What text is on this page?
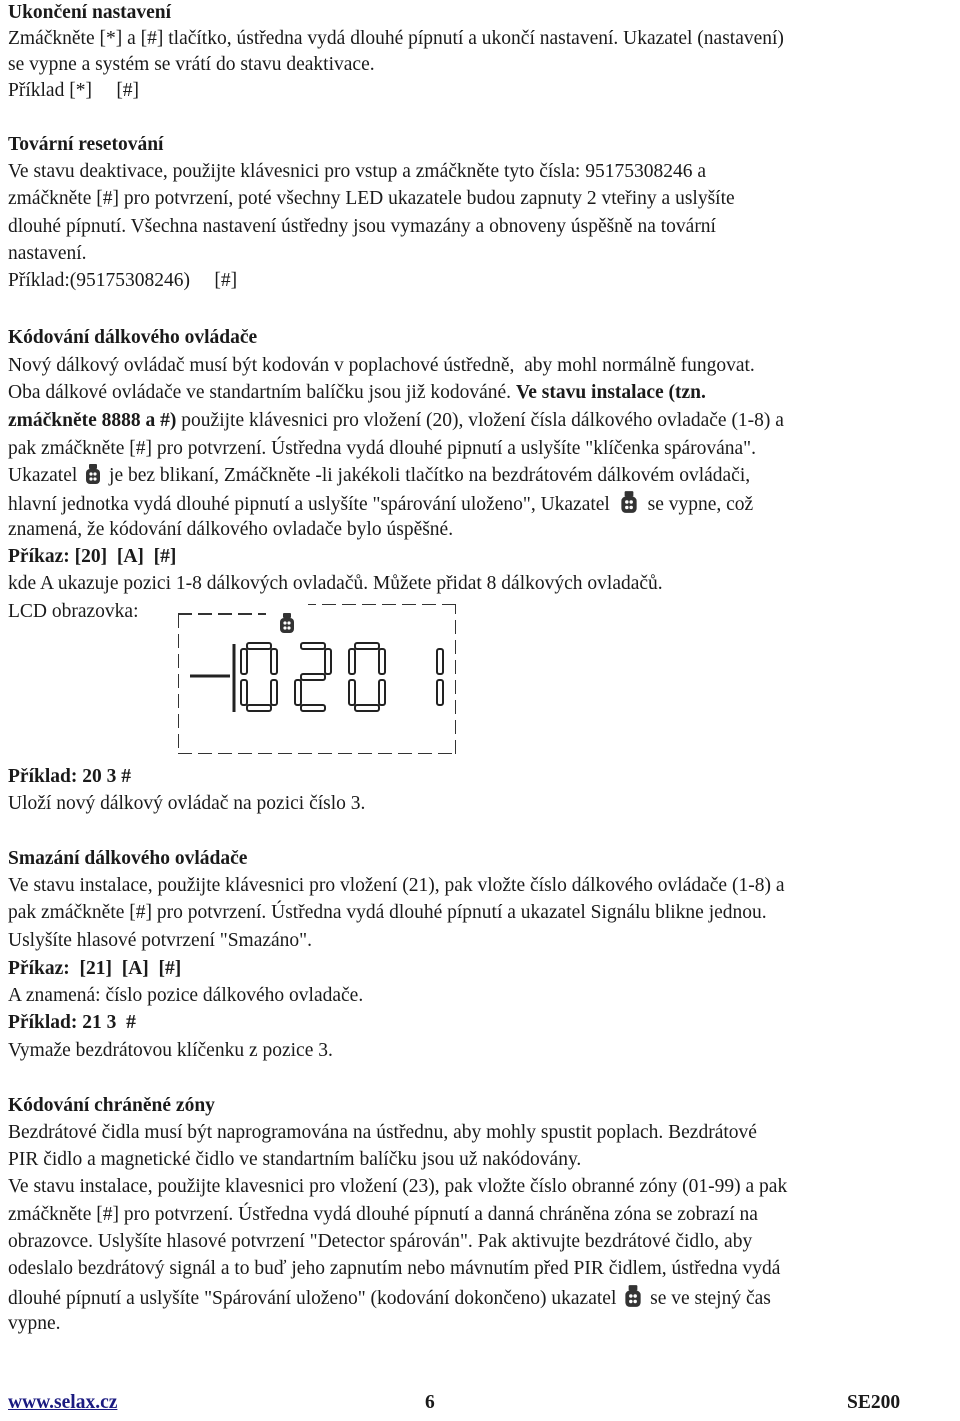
Ukončení nastavení
Zmáčkněte [*] a [#] tlačítko, ústředna vydá dlouhé pípnutí a ukončí nastavení. Ukazatel (nastavení)
se vypne a systém se vrátí do stavu deaktivace.
Příklad [*]     [#]
Tovární resetování
Ve stavu deaktivace, použijte klávesnici pro vstup a zmáčkněte tyto čísla: 95175308246 a
zmáčkněte [#] pro potvrzení, poté všechny LED ukazatele budou zapnuty 2 vteřiny a uslyšíte
dlouhé pípnutí. Všechna nastavení ústředny jsou vymazány a obnoveny úspěšně na tovární
nastavení.
Příklad:(95175308246)     [#]
Kódování dálkového ovládače
Nový dálkový ovládač musí být kodován v poplachové ústředně,  aby mohl normálně fungovat.
Oba dálkové ovládače ve standartním balíčku jsou již kodováné. Ve stavu instalace (tzn.
zmáčkněte 8888 a #) použijte klávesnici pro vložení (20), vložení čísla dálkového ovladače (1-8) a
pak zmáčkněte [#] pro potvrzení. Ústředna vydá dlouhé pipnutí a uslyšíte "klíčenka spárována".
Ukazatel  je bez blikaní, Zmáčkněte -li jakékoli tlačítko na bezdrátovém dálkovém ovládači,
hlavní jednotka vydá dlouhé pipnutí a uslyšíte "spárování uloženo", Ukazatel  se vypne, což
znamená, že kódování dálkového ovladače bylo úspěšné.
Příkaz: [20]  [A]  [#]
kde A ukazuje pozici 1-8 dálkových ovladačů. Můžete přidat 8 dálkových ovladačů.
LCD obrazovka:
Příklad: 20 3 #
Uloží nový dálkový ovládač na pozici číslo 3.
Smazání dálkového ovládače
Ve stavu instalace, použijte klávesnici pro vložení (21), pak vložte číslo dálkového ovládače (1-8) a
pak zmáčkněte [#] pro potvrzení. Ústředna vydá dlouhé pípnutí a ukazatel Signálu blikne jednou.
Uslyšíte hlasové potvrzení "Smazáno".
Příkaz:  [21]  [A]  [#]
A znamená: číslo pozice dálkového ovladače.
Příklad: 21 3  #
Vymaže bezdrátovou klíčenku z pozice 3.
Kódování chráněné zóny
Bezdrátové čidla musí být naprogramována na ústřednu, aby mohly spustit poplach. Bezdrátové
PIR čidlo a magnetické čidlo ve standartním balíčku jsou už nakódovány.
Ve stavu instalace, použijte klavesnici pro vložení (23), pak vložte číslo obranné zóny (01-99) a pak
zmáčkněte [#] pro potvrzení. Ústředna vydá dlouhé pípnutí a danná chráněna zóna se zobrazí na
obrazovce. Uslyšíte hlasové potvrzení "Detector spárován". Pak aktivujte bezdrátové čidlo, aby
odeslalo bezdrátový signál a to buď jeho zapnutím nebo mávnutím před PIR čidlem, ústředna vydá
dlouhé pípnutí a uslyšíte "Spárování uloženo" (kodování dokončeno) ukazatel  se ve stejný čas
vypne.
www.selax.cz	6	SE200
